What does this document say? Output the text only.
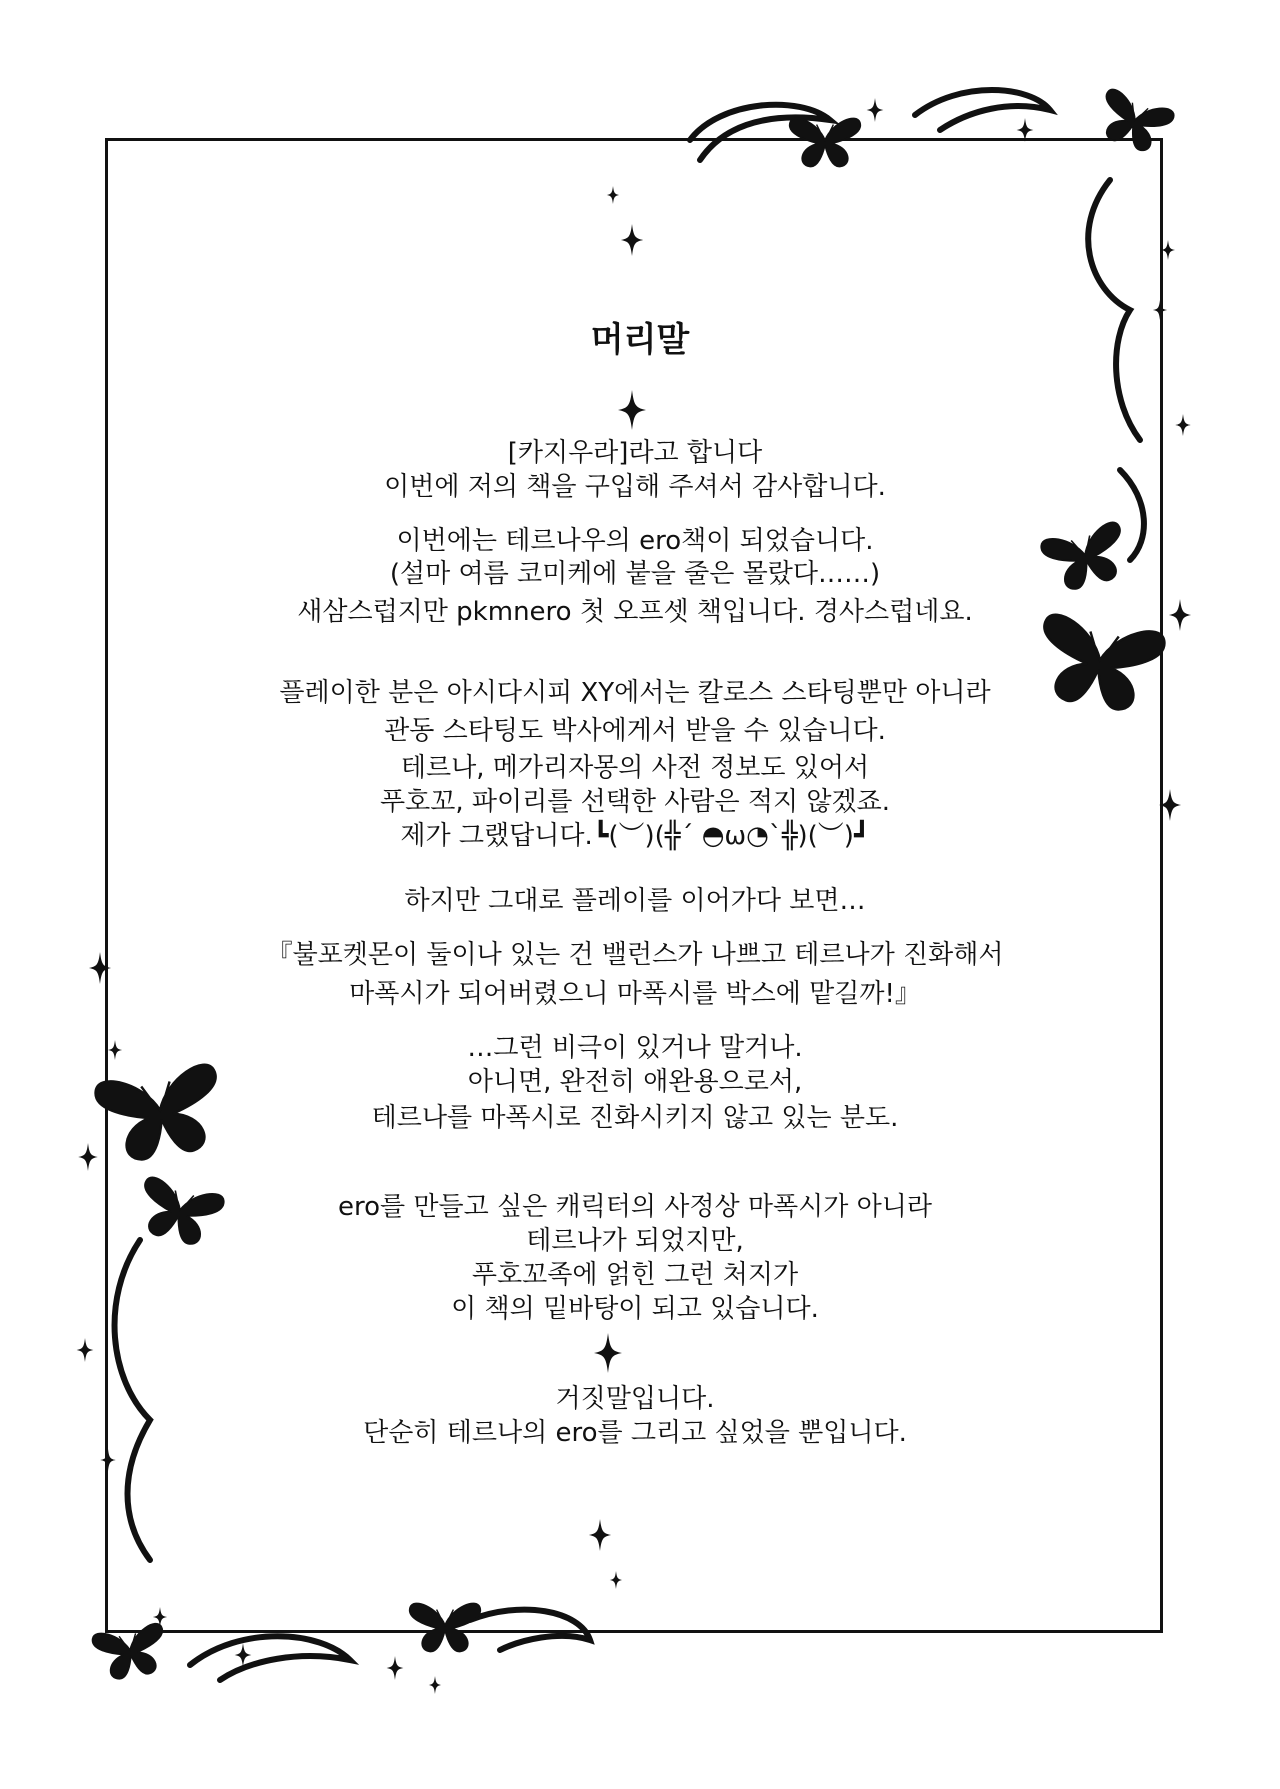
머리말
[카지우라]라고 합니다
이번에 저의 책을 구입해 주셔서 감사합니다.
이번에는 테르나우의 ero책이 되었습니다.
(설마 여름 코미케에 붙을 줄은 몰랐다……)
새삼스럽지만 pkmnero 첫 오프셋 책입니다. 경사스럽네요.
플레이한 분은 아시다시피 XY에서는 칼로스 스타팅뿐만 아니라
관동 스타팅도 박사에게서 받을 수 있습니다.
테르나, 메가리자몽의 사전 정보도 있어서
푸호꼬, 파이리를 선택한 사람은 적지 않겠죠.
제가 그랬답니다.┗(︶)(╬´ ◓ω◔`╬)(︶)┛
하지만 그대로 플레이를 이어가다 보면…
『불포켓몬이 둘이나 있는 건 밸런스가 나쁘고 테르나가 진화해서
마폭시가 되어버렸으니 마폭시를 박스에 맡길까!』
…그런 비극이 있거나 말거나.
아니면, 완전히 애완용으로서,
테르나를 마폭시로 진화시키지 않고 있는 분도.
ero를 만들고 싶은 캐릭터의 사정상 마폭시가 아니라
테르나가 되었지만,
푸호꼬족에 얽힌 그런 처지가
이 책의 밑바탕이 되고 있습니다.
거짓말입니다.
단순히 테르나의 ero를 그리고 싶었을 뿐입니다.
